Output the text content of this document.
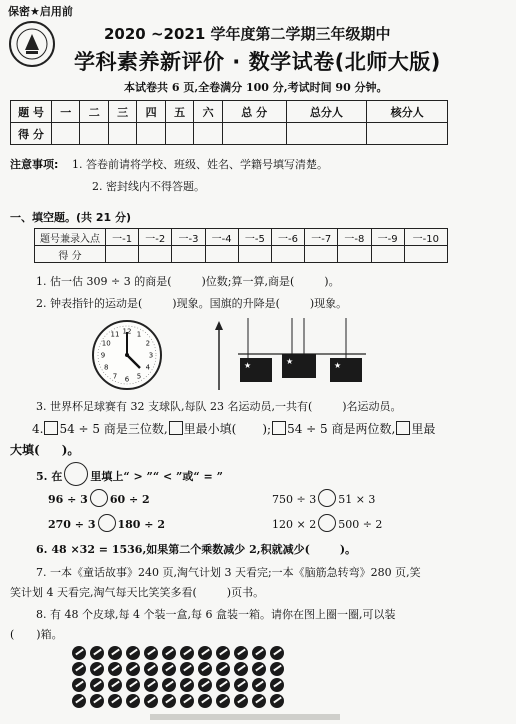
保密★启用前
2020 ~2021 学年度第二学期三年级期中
学科素养新评价 · 数学试卷(北师大版)
本试卷共 6 页,全卷满分 100 分,考试时间 90 分钟。
题 号	一	二	三	四	五	六	总 分	总分人	核分人
得 分									
注意事项: 1. 答卷前请将学校、班级、姓名、学籍号填写清楚。
2. 密封线内不得答题。
一、填空题。(共 21 分)
题号兼录入点	一-1	一-2	一-3	一-4	一-5	一-6	一-7	一-8	一-9	一-10
得 分										
1. 估一估 309 ÷ 3 的商是(	)位数;算一算,商是(	)。
2. 钟表指针的运动是(	)现象。国旗的升降是(	)现象。
12 1
2
3
4
5
6
7
8
9
10
11
★	★	★
3. 世界杯足球赛有 32 支球队,每队 23 名运动员,一共有(	)名运动员。
4. 54 ÷ 5 商是三位数, 里最小填( ); 54 ÷ 5 商是两位数, 里最
大填( )。
5. 在	里填上“ > ”“ < ”或“ = ”
96 ÷ 3 60 ÷ 2	750 ÷ 3 51 × 3
270 ÷ 3 180 ÷ 2	120 × 2 500 ÷ 2
6. 48 ×32 = 1536,如果第二个乘数减少 2,积就减少(	)。
7. 一本《童话故事》240 页,淘气计划 3 天看完;一本《脑筋急转弯》280 页,笑
笑计划 4 天看完,淘气每天比笑笑多看(	)页书。
8. 有 48 个皮球,每 4 个装一盒,每 6 盒装一箱。请你在图上圈一圈,可以装
( )箱。
